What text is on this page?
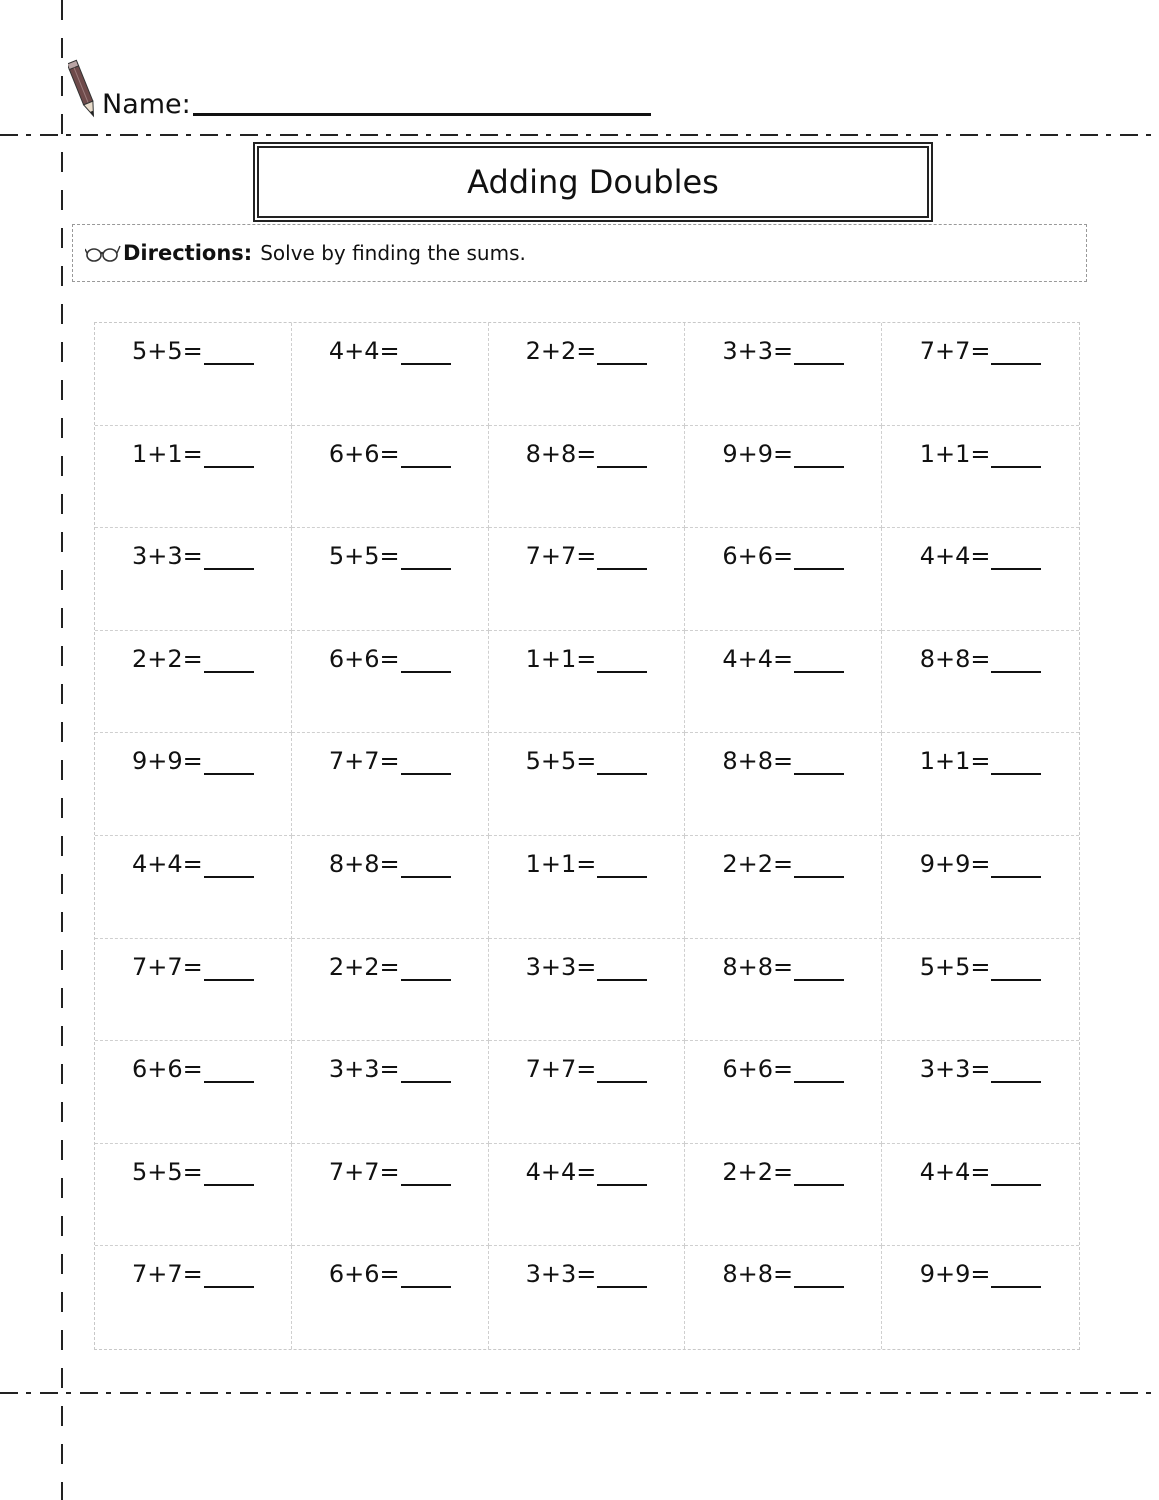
Name:
Adding Doubles
Directions: Solve by finding the sums.
5+5=	4+4=	2+2=	3+3=	7+7=
1+1=	6+6=	8+8=	9+9=	1+1=
3+3=	5+5=	7+7=	6+6=	4+4=
2+2=	6+6=	1+1=	4+4=	8+8=
9+9=	7+7=	5+5=	8+8=	1+1=
4+4=	8+8=	1+1=	2+2=	9+9=
7+7=	2+2=	3+3=	8+8=	5+5=
6+6=	3+3=	7+7=	6+6=	3+3=
5+5=	7+7=	4+4=	2+2=	4+4=
7+7=	6+6=	3+3=	8+8=	9+9=
